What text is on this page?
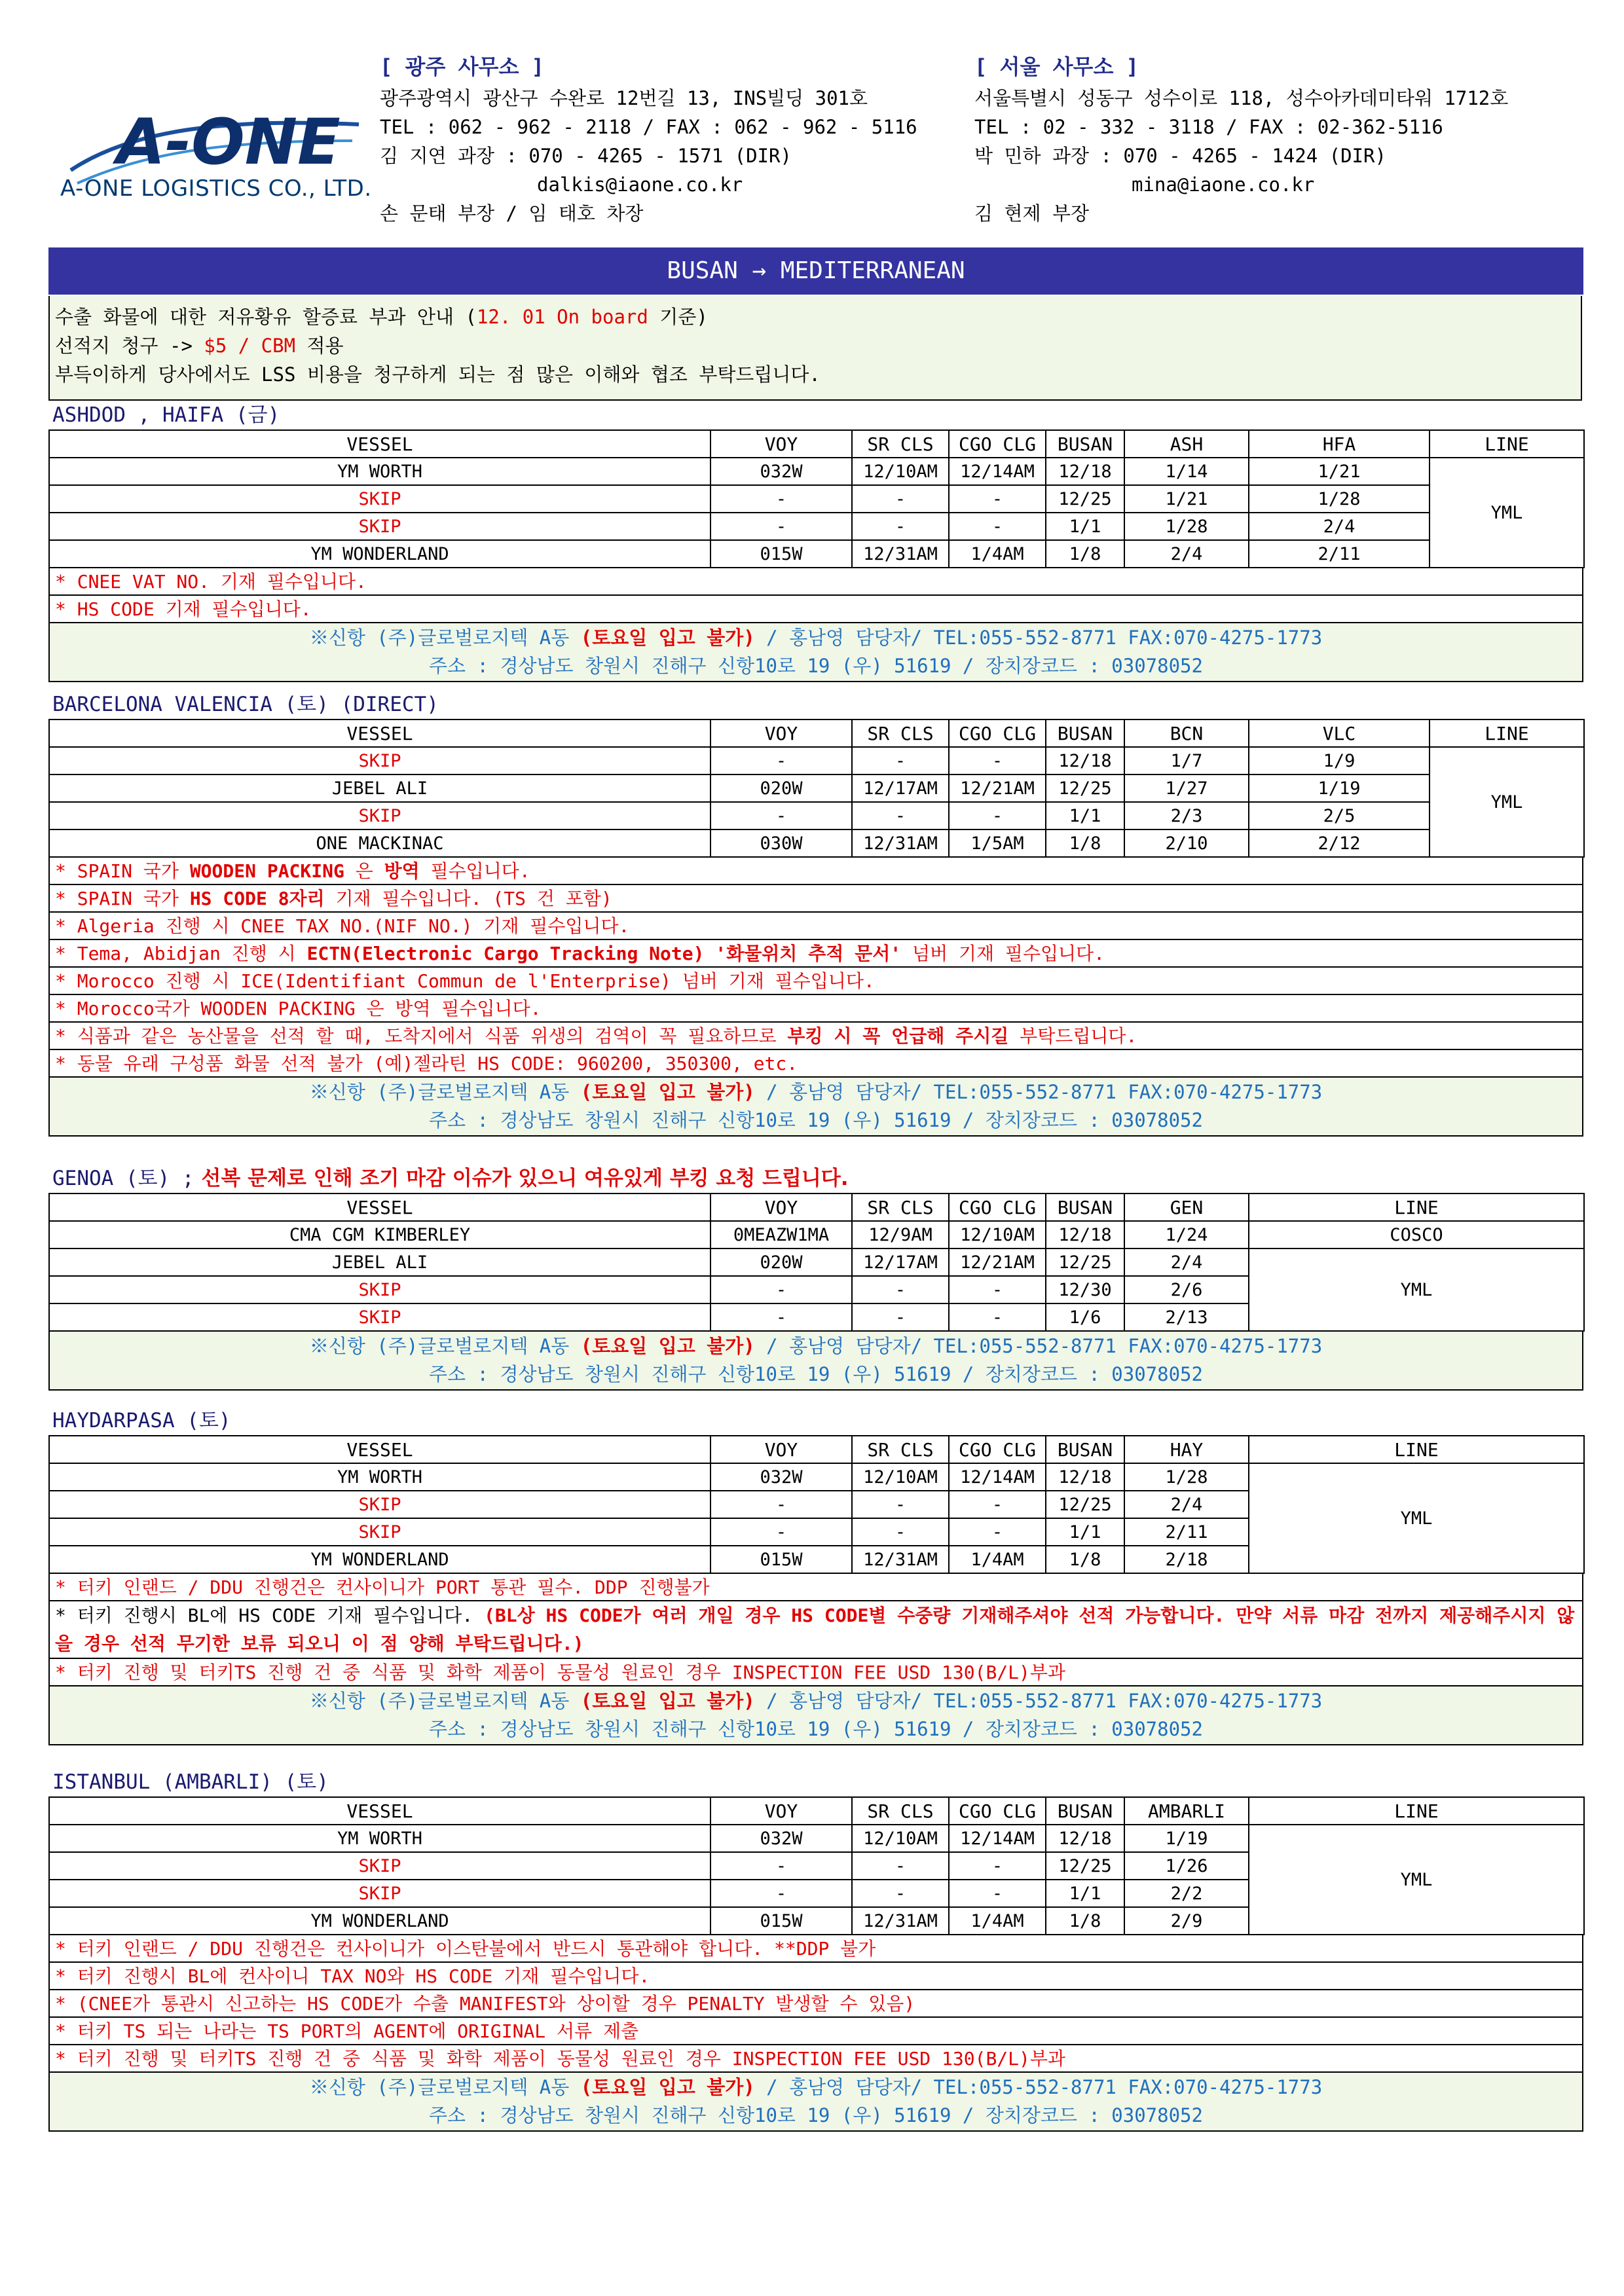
A-ONE
A-ONE LOGISTICS CO., LTD.
[ 광주 사무소 ]
광주광역시 광산구 수완로 12번길 13, INS빌딩 301호
TEL : 062 - 962 - 2118 / FAX : 062 - 962 - 5116
김 지연 과장 : 070 - 4265 - 1571 (DIR)
dalkis@iaone.co.kr
손 문태 부장 / 임 태호 차장
[ 서울 사무소 ]
서울특별시 성동구 성수이로 118, 성수아카데미타워 1712호
TEL : 02 - 332 - 3118 / FAX : 02-362-5116
박 민하 과장 : 070 - 4265 - 1424 (DIR)
mina@iaone.co.kr
김 현제 부장
BUSAN → MEDITERRANEAN
수출 화물에 대한 저유황유 할증료 부과 안내 (12. 01 On board 기준)
선적지 청구 -> $5 / CBM 적용
부득이하게 당사에서도 LSS 비용을 청구하게 되는 점 많은 이해와 협조 부탁드립니다.
ASHDOD , HAIFA (금)
VESSEL	VOY	SR CLS	CGO CLG	BUSAN	ASH	HFA	LINE
YM WORTH	032W	12/10AM	12/14AM	12/18	1/14	1/21	YML
SKIP	-	-	-	12/25	1/21	1/28	
SKIP	-	-	-	1/1	1/28	2/4	
YM WONDERLAND	015W	12/31AM	1/4AM	1/8	2/4	2/11	
* CNEE VAT NO. 기재 필수입니다.
* HS CODE 기재 필수입니다.
※신항 (주)글로벌로지텍 A동 (토요일 입고 불가) / 홍남영 담당자/ TEL:055-552-8771 FAX:070-4275-1773
주소 : 경상남도 창원시 진해구 신항10로 19 (우) 51619 / 장치장코드 : 03078052
BARCELONA VALENCIA (토) (DIRECT)
VESSEL	VOY	SR CLS	CGO CLG	BUSAN	BCN	VLC	LINE
SKIP	-	-	-	12/18	1/7	1/9	YML
JEBEL ALI	020W	12/17AM	12/21AM	12/25	1/27	1/19	
SKIP	-	-	-	1/1	2/3	2/5	
ONE MACKINAC	030W	12/31AM	1/5AM	1/8	2/10	2/12	
* SPAIN 국가 WOODEN PACKING 은 방역 필수입니다.
* SPAIN 국가 HS CODE 8자리 기재 필수입니다. (TS 건 포함)
* Algeria 진행 시 CNEE TAX NO.(NIF NO.) 기재 필수입니다.
* Tema, Abidjan 진행 시 ECTN(Electronic Cargo Tracking Note) '화물위치 추적 문서' 넘버 기재 필수입니다.
* Morocco 진행 시 ICE(Identifiant Commun de l'Enterprise) 넘버 기재 필수입니다.
* Morocco국가 WOODEN PACKING 은 방역 필수입니다.
* 식품과 같은 농산물을 선적 할 때, 도착지에서 식품 위생의 검역이 꼭 필요하므로 부킹 시 꼭 언급해 주시길 부탁드립니다.
* 동물 유래 구성품 화물 선적 불가 (예)젤라틴 HS CODE: 960200, 350300, etc.
※신항 (주)글로벌로지텍 A동 (토요일 입고 불가) / 홍남영 담당자/ TEL:055-552-8771 FAX:070-4275-1773
주소 : 경상남도 창원시 진해구 신항10로 19 (우) 51619 / 장치장코드 : 03078052
GENOA (토) ; 선복 문제로 인해 조기 마감 이슈가 있으니 여유있게 부킹 요청 드립니다.
VESSEL	VOY	SR CLS	CGO CLG	BUSAN	GEN	LINE
CMA CGM KIMBERLEY	0MEAZW1MA	12/9AM	12/10AM	12/18	1/24	COSCO
JEBEL ALI	020W	12/17AM	12/21AM	12/25	2/4	YML
SKIP	-	-	-	12/30	2/6	
SKIP	-	-	-	1/6	2/13	
※신항 (주)글로벌로지텍 A동 (토요일 입고 불가) / 홍남영 담당자/ TEL:055-552-8771 FAX:070-4275-1773
주소 : 경상남도 창원시 진해구 신항10로 19 (우) 51619 / 장치장코드 : 03078052
HAYDARPASA (토)
VESSEL	VOY	SR CLS	CGO CLG	BUSAN	HAY	LINE
YM WORTH	032W	12/10AM	12/14AM	12/18	1/28	YML
SKIP	-	-	-	12/25	2/4	
SKIP	-	-	-	1/1	2/11	
YM WONDERLAND	015W	12/31AM	1/4AM	1/8	2/18	
* 터키 인랜드 / DDU 진행건은 컨사이니가 PORT 통관 필수. DDP 진행불가
* 터키 진행시 BL에 HS CODE 기재 필수입니다. (BL상 HS CODE가 여러 개일 경우 HS CODE별 수중량 기재해주셔야 선적 가능합니다. 만약 서류 마감 전까지 제공해주시지 않을 경우 선적 무기한 보류 되오니 이 점 양해 부탁드립니다.)
* 터키 진행 및 터키TS 진행 건 중 식품 및 화학 제품이 동물성 원료인 경우 INSPECTION FEE USD 130(B/L)부과
※신항 (주)글로벌로지텍 A동 (토요일 입고 불가) / 홍남영 담당자/ TEL:055-552-8771 FAX:070-4275-1773
주소 : 경상남도 창원시 진해구 신항10로 19 (우) 51619 / 장치장코드 : 03078052
ISTANBUL (AMBARLI) (토)
VESSEL	VOY	SR CLS	CGO CLG	BUSAN	AMBARLI	LINE
YM WORTH	032W	12/10AM	12/14AM	12/18	1/19	YML
SKIP	-	-	-	12/25	1/26	
SKIP	-	-	-	1/1	2/2	
YM WONDERLAND	015W	12/31AM	1/4AM	1/8	2/9	
* 터키 인랜드 / DDU 진행건은 컨사이니가 이스탄불에서 반드시 통관해야 합니다. **DDP 불가
* 터키 진행시 BL에 컨사이니 TAX NO와 HS CODE 기재 필수입니다.
* (CNEE가 통관시 신고하는 HS CODE가 수출 MANIFEST와 상이할 경우 PENALTY 발생할 수 있음)
* 터키 TS 되는 나라는 TS PORT의 AGENT에 ORIGINAL 서류 제출
* 터키 진행 및 터키TS 진행 건 중 식품 및 화학 제품이 동물성 원료인 경우 INSPECTION FEE USD 130(B/L)부과
※신항 (주)글로벌로지텍 A동 (토요일 입고 불가) / 홍남영 담당자/ TEL:055-552-8771 FAX:070-4275-1773
주소 : 경상남도 창원시 진해구 신항10로 19 (우) 51619 / 장치장코드 : 03078052
